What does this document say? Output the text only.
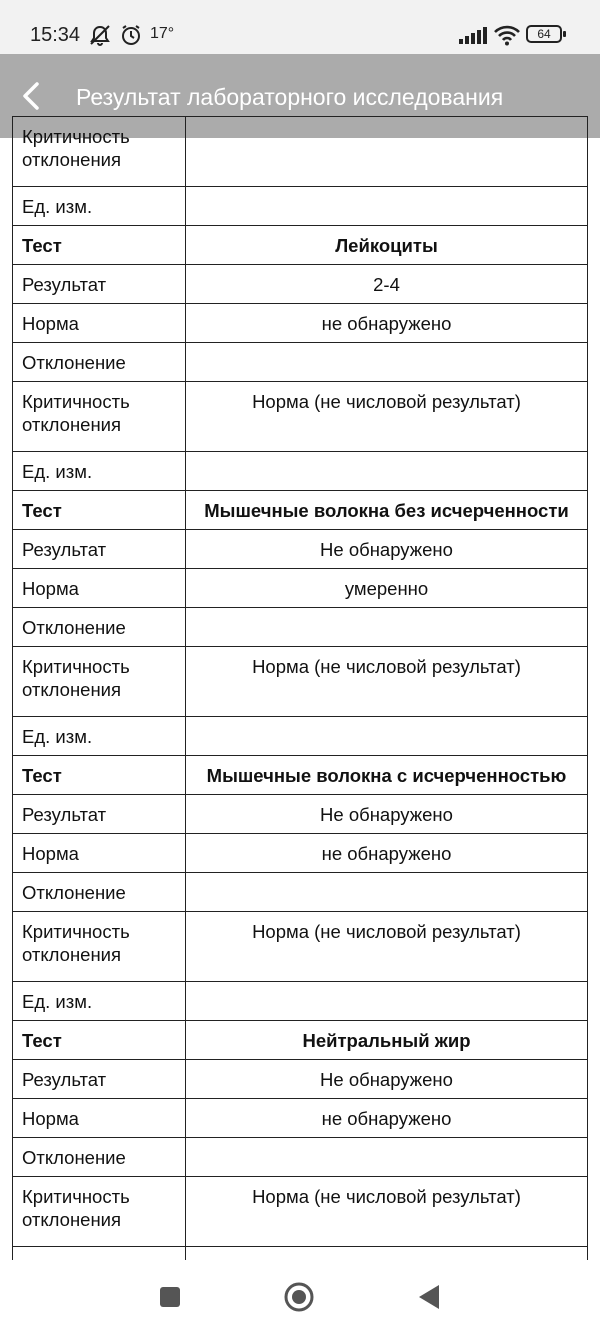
15:34	17°	64
Результат лабораторного исследования
Критичность
отклонения	
Ед. изм.	
Тест	Лейкоциты
Результат	2-4
Норма	не обнаружено
Отклонение	
Критичность
отклонения	Норма (не числовой результат)
Ед. изм.	
Тест	Мышечные волокна без исчерченности
Результат	Не обнаружено
Норма	умеренно
Отклонение	
Критичность
отклонения	Норма (не числовой результат)
Ед. изм.	
Тест	Мышечные волокна с исчерченностью
Результат	Не обнаружено
Норма	не обнаружено
Отклонение	
Критичность
отклонения	Норма (не числовой результат)
Ед. изм.	
Тест	Нейтральный жир
Результат	Не обнаружено
Норма	не обнаружено
Отклонение	
Критичность
отклонения	Норма (не числовой результат)
